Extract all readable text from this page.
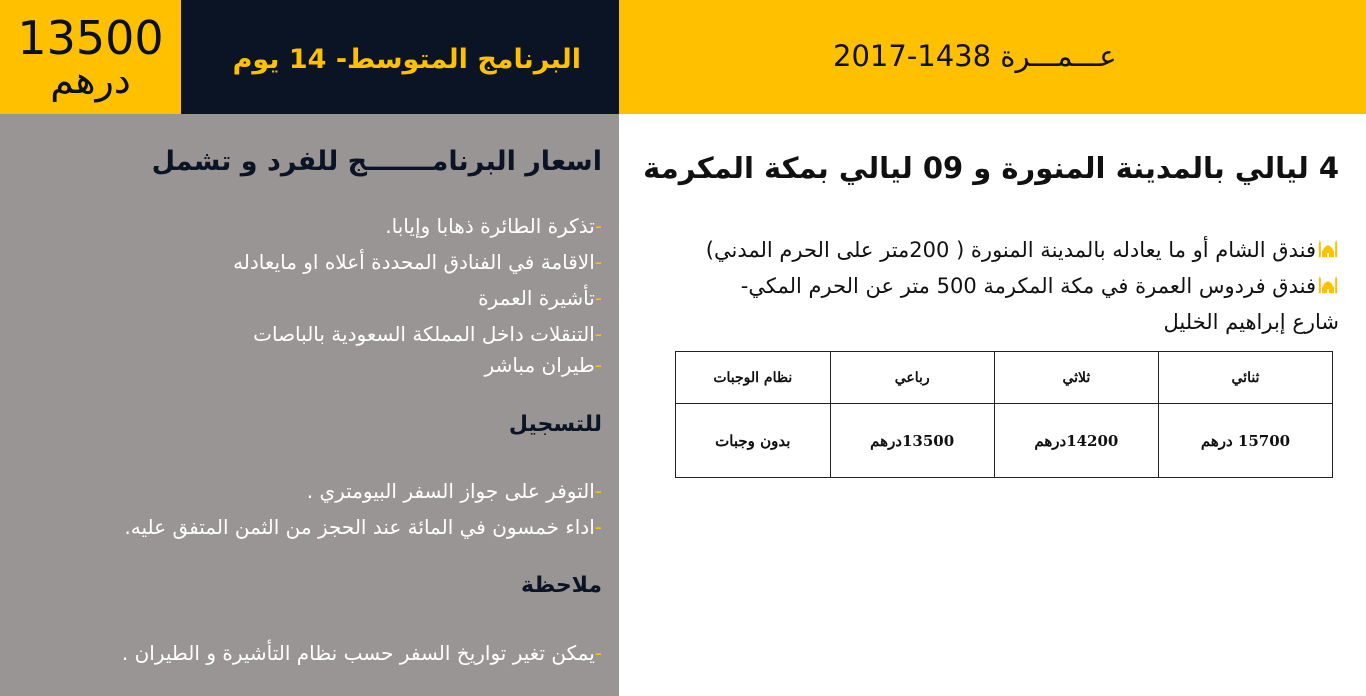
13500
درهم	البرنامج المتوسط- 14 يوم	عـــمـــرة 1438-2017
اسعار البرنامـــــــج للفرد و تشمل
-تذكرة الطائرة ذهابا وإيابا.
-الاقامة في الفنادق المحددة أعلاه او مايعادله
-تأشيرة العمرة
-التنقلات داخل المملكة السعودية بالباصات
-طيران مباشر
للتسجيل
-التوفر على جواز السفر البيومتري .
-اداء خمسون في المائة عند الحجز من الثمن المتفق عليه.
ملاحظة
-يمكن تغير تواريخ السفر حسب نظام التأشيرة و الطيران .
4 ليالي بالمدينة المنورة و 09 ليالي بمكة المكرمة
فندق الشام أو ما يعادله بالمدينة المنورة ( 200متر على الحرم المدني)
فندق فردوس العمرة في مكة المكرمة 500 متر عن الحرم المكي-
شارع إبراهيم الخليل
ثنائي	ثلاثي	رباعي	نظام الوجبات
15700 درهم	14200درهم	13500درهم	بدون وجبات
